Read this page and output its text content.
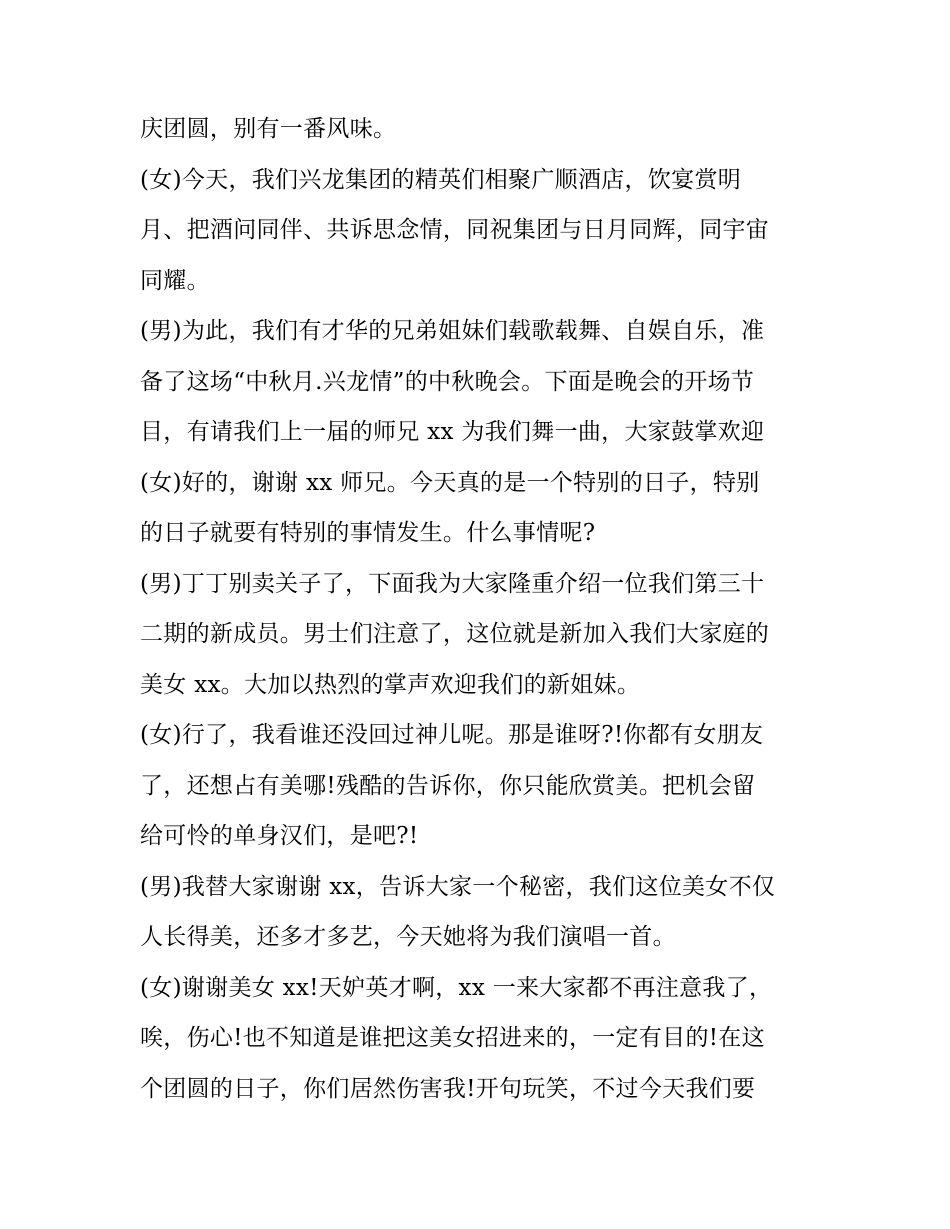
庆团圆，别有一番风味。
(女)今天，我们兴龙集团的精英们相聚广顺酒店，饮宴赏明
月、把酒问同伴、共诉思念情，同祝集团与日月同辉，同宇宙
同耀。
(男)为此，我们有才华的兄弟姐妹们载歌载舞、自娱自乐，准
备了这场“中秋月.兴龙情”的中秋晚会。下面是晚会的开场节
目，有请我们上一届的师兄 xx 为我们舞一曲，大家鼓掌欢迎
(女)好的，谢谢 xx 师兄。今天真的是一个特别的日子，特别
的日子就要有特别的事情发生。什么事情呢?
(男)丁丁别卖关子了，下面我为大家隆重介绍一位我们第三十
二期的新成员。男士们注意了，这位就是新加入我们大家庭的
美女 xx。大加以热烈的掌声欢迎我们的新姐妹。
(女)行了，我看谁还没回过神儿呢。那是谁呀?!你都有女朋友
了，还想占有美哪!残酷的告诉你，你只能欣赏美。把机会留
给可怜的单身汉们，是吧?!
(男)我替大家谢谢 xx，告诉大家一个秘密，我们这位美女不仅
人长得美，还多才多艺，今天她将为我们演唱一首。
(女)谢谢美女 xx!天妒英才啊，xx 一来大家都不再注意我了，
唉，伤心!也不知道是谁把这美女招进来的，一定有目的!在这
个团圆的日子，你们居然伤害我!开句玩笑，不过今天我们要
